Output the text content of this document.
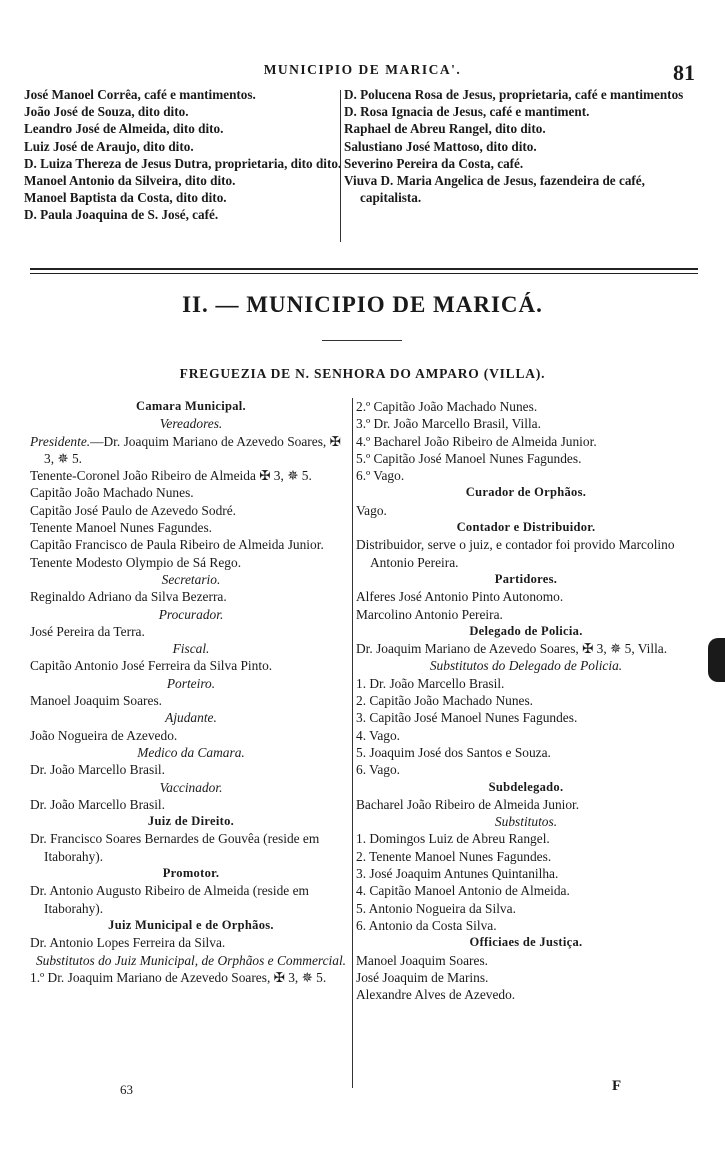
MUNICIPIO DE MARICA'.	81
José Manoel Corrêa, café e mantimentos.
João José de Souza, dito dito.
Leandro José de Almeida, dito dito.
Luiz José de Araujo, dito dito.
D. Luiza Thereza de Jesus Dutra, proprietaria, dito dito.
Manoel Antonio da Silveira, dito dito.
Manoel Baptista da Costa, dito dito.
D. Paula Joaquina de S. José, café.
D. Polucena Rosa de Jesus, proprietaria, café e mantimentos
D. Rosa Ignacia de Jesus, café e mantiment.
Raphael de Abreu Rangel, dito dito.
Salustiano José Mattoso, dito dito.
Severino Pereira da Costa, café.
Viuva D. Maria Angelica de Jesus, fazendeira de café, capitalista.
II. — MUNICIPIO DE MARICÁ.
FREGUEZIA DE N. SENHORA DO AMPARO (VILLA).
Camara Municipal.
Vereadores.
Presidente.—Dr. Joaquim Mariano de Azevedo Soares, ✠ 3, ✵ 5.
Tenente-Coronel João Ribeiro de Almeida ✠ 3, ✵ 5.
Capitão João Machado Nunes.
Capitão José Paulo de Azevedo Sodré.
Tenente Manoel Nunes Fagundes.
Capitão Francisco de Paula Ribeiro de Almeida Junior.
Tenente Modesto Olympio de Sá Rego.
Secretario.
Reginaldo Adriano da Silva Bezerra.
Procurador.
José Pereira da Terra.
Fiscal.
Capitão Antonio José Ferreira da Silva Pinto.
Porteiro.
Manoel Joaquim Soares.
Ajudante.
João Nogueira de Azevedo.
Medico da Camara.
Dr. João Marcello Brasil.
Vaccinador.
Dr. João Marcello Brasil.
Juiz de Direito.
Dr. Francisco Soares Bernardes de Gouvêa (reside em Itaborahy).
Promotor.
Dr. Antonio Augusto Ribeiro de Almeida (reside em Itaborahy).
Juiz Municipal e de Orphãos.
Dr. Antonio Lopes Ferreira da Silva.
Substitutos do Juiz Municipal, de Orphãos e Commercial.
1.º Dr. Joaquim Mariano de Azevedo Soares, ✠ 3, ✵ 5.
2.º Capitão João Machado Nunes.
3.º Dr. João Marcello Brasil, Villa.
4.º Bacharel João Ribeiro de Almeida Junior.
5.º Capitão José Manoel Nunes Fagundes.
6.º Vago.
Curador de Orphãos.
Vago.
Contador e Distribuidor.
Distribuidor, serve o juiz, e contador foi provido Marcolino Antonio Pereira.
Partidores.
Alferes José Antonio Pinto Autonomo.
Marcolino Antonio Pereira.
Delegado de Policia.
Dr. Joaquim Mariano de Azevedo Soares, ✠ 3, ✵ 5, Villa.
Substitutos do Delegado de Policia.
1. Dr. João Marcello Brasil.
2. Capitão João Machado Nunes.
3. Capitão José Manoel Nunes Fagundes.
4. Vago.
5. Joaquim José dos Santos e Souza.
6. Vago.
Subdelegado.
Bacharel João Ribeiro de Almeida Junior.
Substitutos.
1. Domingos Luiz de Abreu Rangel.
2. Tenente Manoel Nunes Fagundes.
3. José Joaquim Antunes Quintanilha.
4. Capitão Manoel Antonio de Almeida.
5. Antonio Nogueira da Silva.
6. Antonio da Costa Silva.
Officiaes de Justiça.
Manoel Joaquim Soares.
José Joaquim de Marins.
Alexandre Alves de Azevedo.
63	F
